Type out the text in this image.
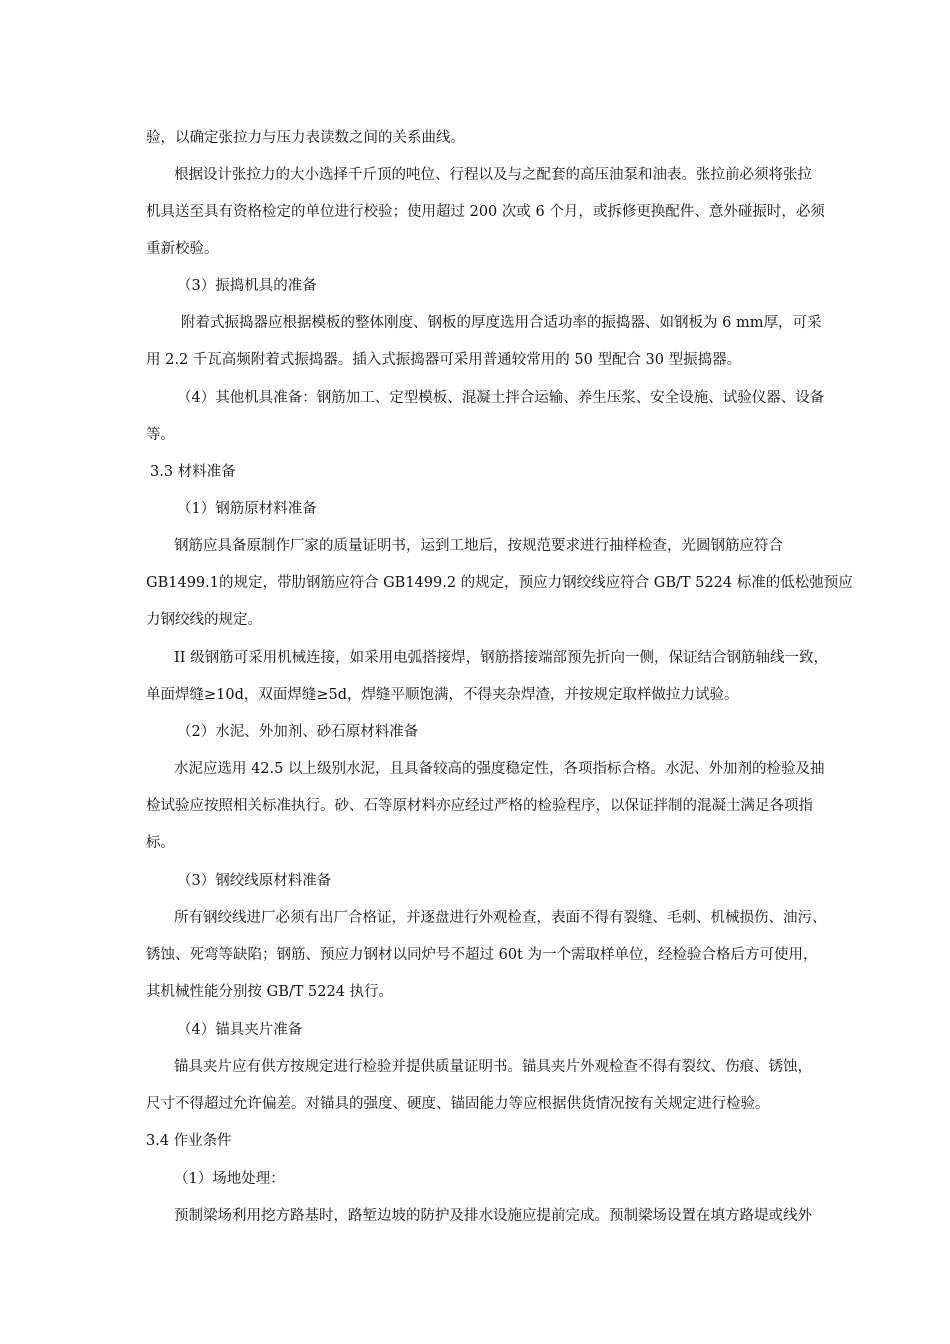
验，以确定张拉力与压力表读数之间的关系曲线。
根据设计张拉力的大小选择千斤顶的吨位、行程以及与之配套的高压油泵和油表。张拉前必须将张拉
机具送至具有资格检定的单位进行校验；使用超过 200 次或 6 个月，或拆修更换配件、意外碰振时，必须
重新校验。
（3）振捣机具的准备
附着式振捣器应根据模板的整体刚度、钢板的厚度选用合适功率的振捣器、如钢板为 6 mm厚，可采
用 2.2 千瓦高频附着式振捣器。插入式振捣器可采用普通较常用的 50 型配合 30 型振捣器。
（4）其他机具准备：钢筋加工、定型模板、混凝土拌合运输、养生压浆、安全设施、试验仪器、设备
等。
3.3 材料准备
（1）钢筋原材料准备
钢筋应具备原制作厂家的质量证明书，运到工地后，按规范要求进行抽样检查，光圆钢筋应符合
GB1499.1的规定，带肋钢筋应符合 GB1499.2 的规定，预应力钢绞线应符合 GB/T 5224 标准的低松弛预应
力钢绞线的规定。
II 级钢筋可采用机械连接，如采用电弧搭接焊，钢筋搭接端部预先折向一侧，保证结合钢筋轴线一致，
单面焊缝≥10d，双面焊缝≥5d，焊缝平顺饱满，不得夹杂焊渣，并按规定取样做拉力试验。
（2）水泥、外加剂、砂石原材料准备
水泥应选用 42.5 以上级别水泥，且具备较高的强度稳定性，各项指标合格。水泥、外加剂的检验及抽
检试验应按照相关标准执行。砂、石等原材料亦应经过严格的检验程序，以保证拌制的混凝土满足各项指
标。
（3）钢绞线原材料准备
所有钢绞线进厂必须有出厂合格证，并逐盘进行外观检查，表面不得有裂缝、毛刺、机械损伤、油污、
锈蚀、死弯等缺陷；钢筋、预应力钢材以同炉号不超过 60t 为一个需取样单位，经检验合格后方可使用，
其机械性能分别按 GB/T 5224 执行。
（4）锚具夹片准备
锚具夹片应有供方按规定进行检验并提供质量证明书。锚具夹片外观检查不得有裂纹、伤痕、锈蚀，
尺寸不得超过允许偏差。对锚具的强度、硬度、锚固能力等应根据供货情况按有关规定进行检验。
3.4 作业条件
（1）场地处理：
预制梁场利用挖方路基时，路堑边坡的防护及排水设施应提前完成。预制梁场设置在填方路堤或线外
